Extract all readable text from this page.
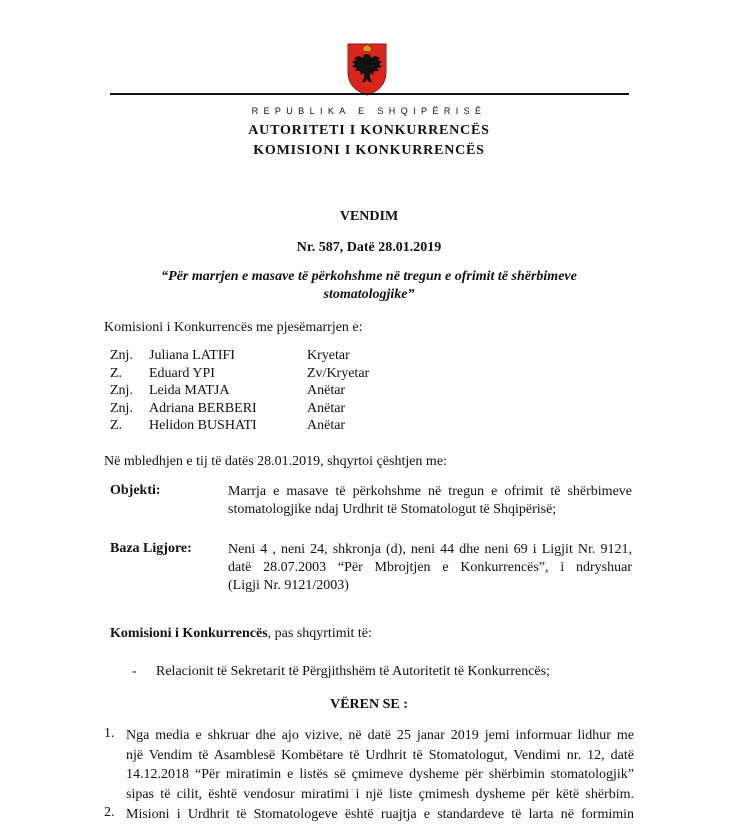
REPUBLIKA E SHQIPËRISË
AUTORITETI I KONKURRENCËS
KOMISIONI I KONKURRENCËS
VENDIM
Nr. 587, Datë 28.01.2019
“Për marrjen e masave të përkohshme në tregun e ofrimit të shërbimeve
stomatologjike”
Komisioni i Konkurrencës me pjesëmarrjen e:
Znj. Juliana LATIFI	Kryetar
Z. Eduard YPI	Zv/Kryetar
Znj. Leida MATJA	Anëtar
Znj. Adriana BERBERI	Anëtar
Z. Helidon BUSHATI	Anëtar
Në mbledhjen e tij të datës 28.01.2019, shqyrtoi çështjen me:
Objekti:	Marrja e masave të përkohshme në tregun e ofrimit të shërbimeve
stomatologjike ndaj Urdhrit të Stomatologut të Shqipërisë;
Baza Ligjore:	Neni 4 , neni 24, shkronja (d), neni 44 dhe neni 69 i Ligjit Nr. 9121,
datë 28.07.2003 “Për Mbrojtjen e Konkurrencës”, i ndryshuar
(Ligji Nr. 9121/2003)
Komisioni i Konkurrencës, pas shqyrtimit të:
- Relacionit të Sekretarit të Përgjithshëm të Autoritetit të Konkurrencës;
VËREN SE :
1. Nga media e shkruar dhe ajo vizive, në datë 25 janar 2019 jemi informuar lidhur me
një Vendim të Asamblesë Kombëtare të Urdhrit të Stomatologut, Vendimi nr. 12, datë
14.12.2018 “Për miratimin e listës së çmimeve dysheme për shërbimin stomatologjik”
sipas të cilit, është vendosur miratimi i një liste çmimesh dysheme për këtë shërbim.
2. Misioni i Urdhrit të Stomatologeve është ruajtja e standardeve të larta në formimin
